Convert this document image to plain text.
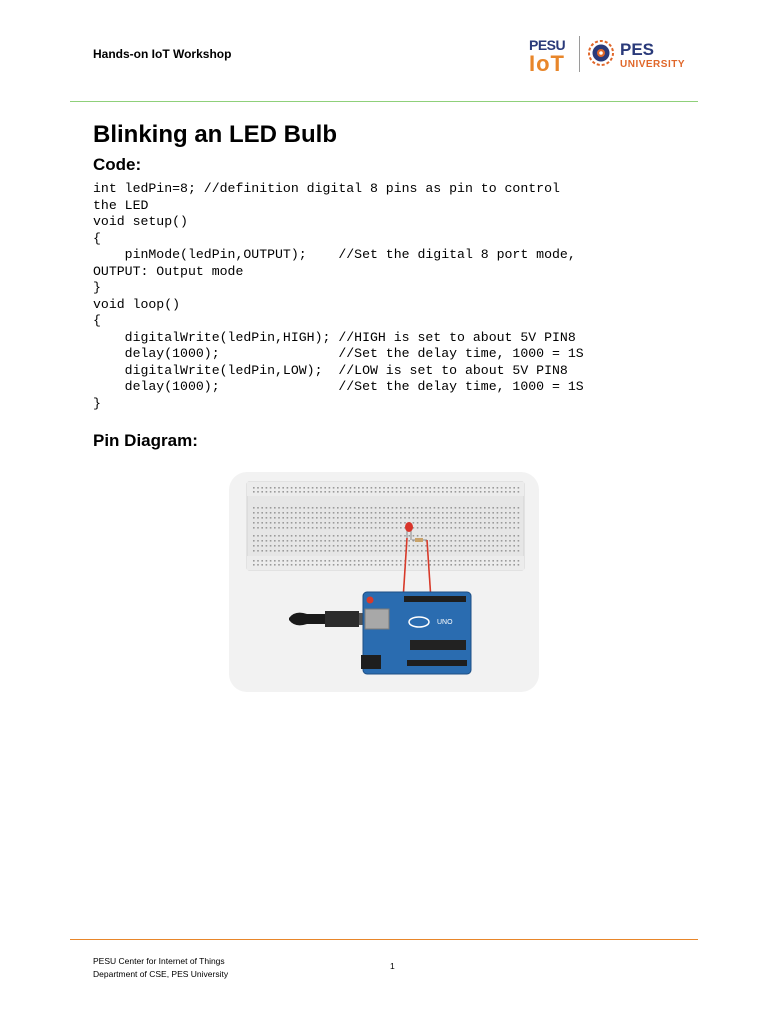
Hands-on IoT Workshop
PESU
IoT
PES
UNIVERSITY
Blinking an LED Bulb
Code:
int ledPin=8; //definition digital 8 pins as pin to control
the LED
void setup()
{
pinMode(ledPin,OUTPUT);    //Set the digital 8 port mode,
OUTPUT: Output mode
}
void loop()
{
digitalWrite(ledPin,HIGH); //HIGH is set to about 5V PIN8
delay(1000);               //Set the delay time, 1000 = 1S
digitalWrite(ledPin,LOW);  //LOW is set to about 5V PIN8
delay(1000);               //Set the delay time, 1000 = 1S
}
Pin Diagram:
UNO
PESU Center for Internet of Things
Department of CSE, PES University
1
